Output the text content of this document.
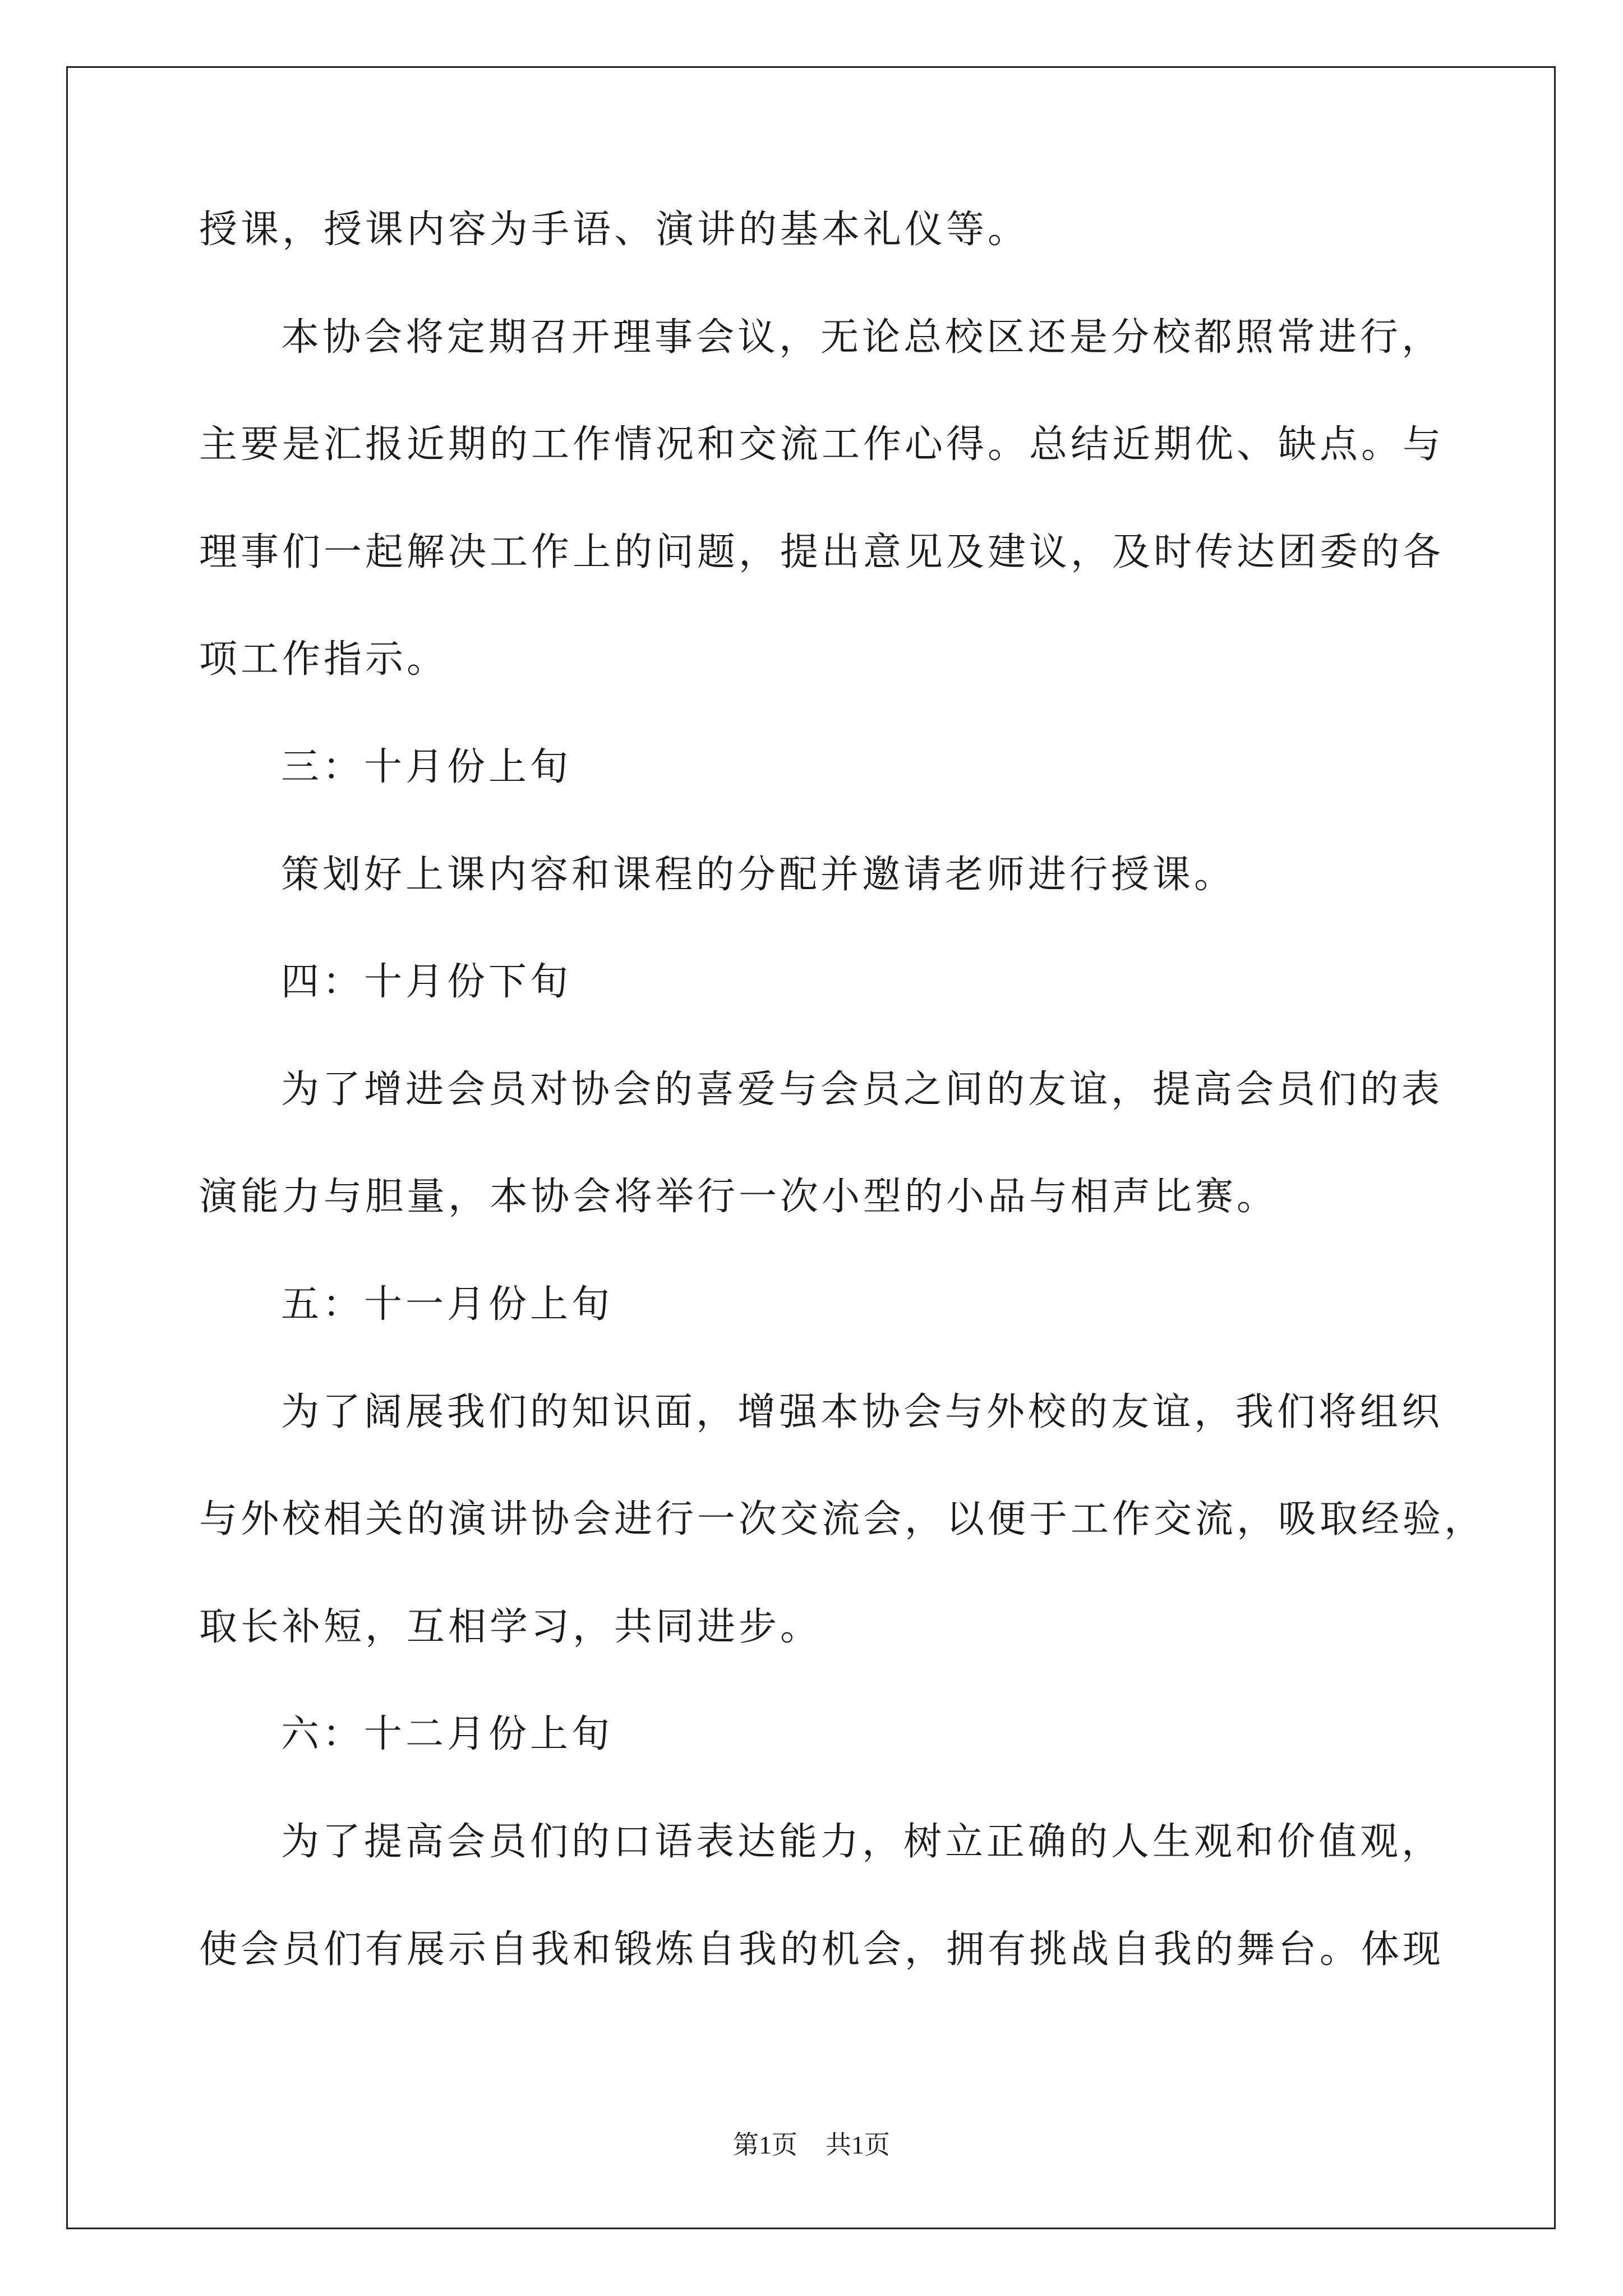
授课，授课内容为手语、演讲的基本礼仪等。
本协会将定期召开理事会议，无论总校区还是分校都照常进行，
主要是汇报近期的工作情况和交流工作心得。总结近期优、缺点。与
理事们一起解决工作上的问题，提出意见及建议，及时传达团委的各
项工作指示。
三：十月份上旬
策划好上课内容和课程的分配并邀请老师进行授课。
四：十月份下旬
为了增进会员对协会的喜爱与会员之间的友谊，提高会员们的表
演能力与胆量，本协会将举行一次小型的小品与相声比赛。
五：十一月份上旬
为了阔展我们的知识面，增强本协会与外校的友谊，我们将组织
与外校相关的演讲协会进行一次交流会，以便于工作交流，吸取经验，
取长补短，互相学习，共同进步。
六：十二月份上旬
为了提高会员们的口语表达能力，树立正确的人生观和价值观，
使会员们有展示自我和锻炼自我的机会，拥有挑战自我的舞台。体现
第1页 共1页
